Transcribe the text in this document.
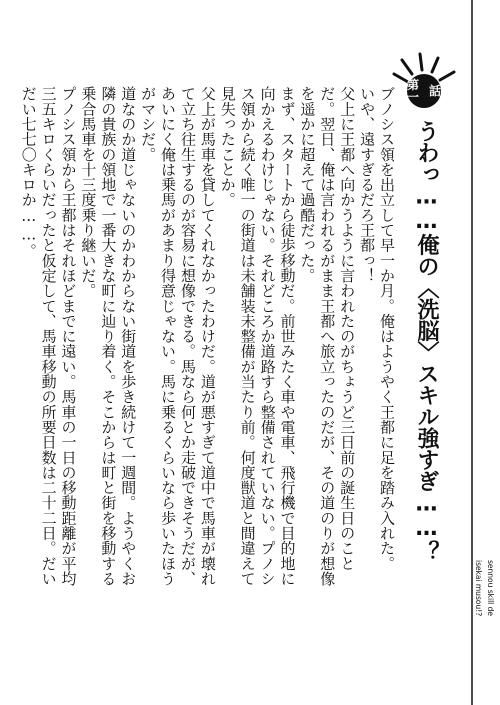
第一 話
うわっ……俺の〈洗脳〉スキル強すぎ……？
sennou skill de
isekai musou!?

ブノシス領を出立して早一か月。俺はようやく王都に足を踏み入れた。

いや、遠すぎるだろ王都っ！

父上に王都へ向かうように言われたのがちょうど三日前の誕生日のことだ。翌日、俺は言われるがまま王都へ旅立ったのだが、その道のりが想像を遥かに超えて過酷だった。

まず、スタートから徒歩移動だ。前世みたく車や電車、飛行機で目的地に向かえるわけじゃない。それどころか道路すら整備されていない。プノシス領から続く唯一の街道は未舗装未整備が当たり前。何度獣道と間違えて見失ったことか。

父上が馬車を貸してくれなかったわけだ。道が悪すぎて道中で馬車が壊れて立ち往生するのが容易に想像できる。馬なら何とか走破できそうだが、あいにく俺は乗馬があまり得意じゃない。馬に乗るくらいなら歩いたほうがマシだ。

道なのか道じゃないのかわからない街道を歩き続けて一週間。ようやくお隣の貴族の領地で一番大きな町に辿り着く。そこからは町と街を移動する乗合馬車を十三度乗り継いだ。

プノシス領から王都はそれほどまでに遠い。馬車の一日の移動距離が平均三五キロくらいだったと仮定して、馬車移動の所要日数は二十二日。だいだい七七〇キロか……。
